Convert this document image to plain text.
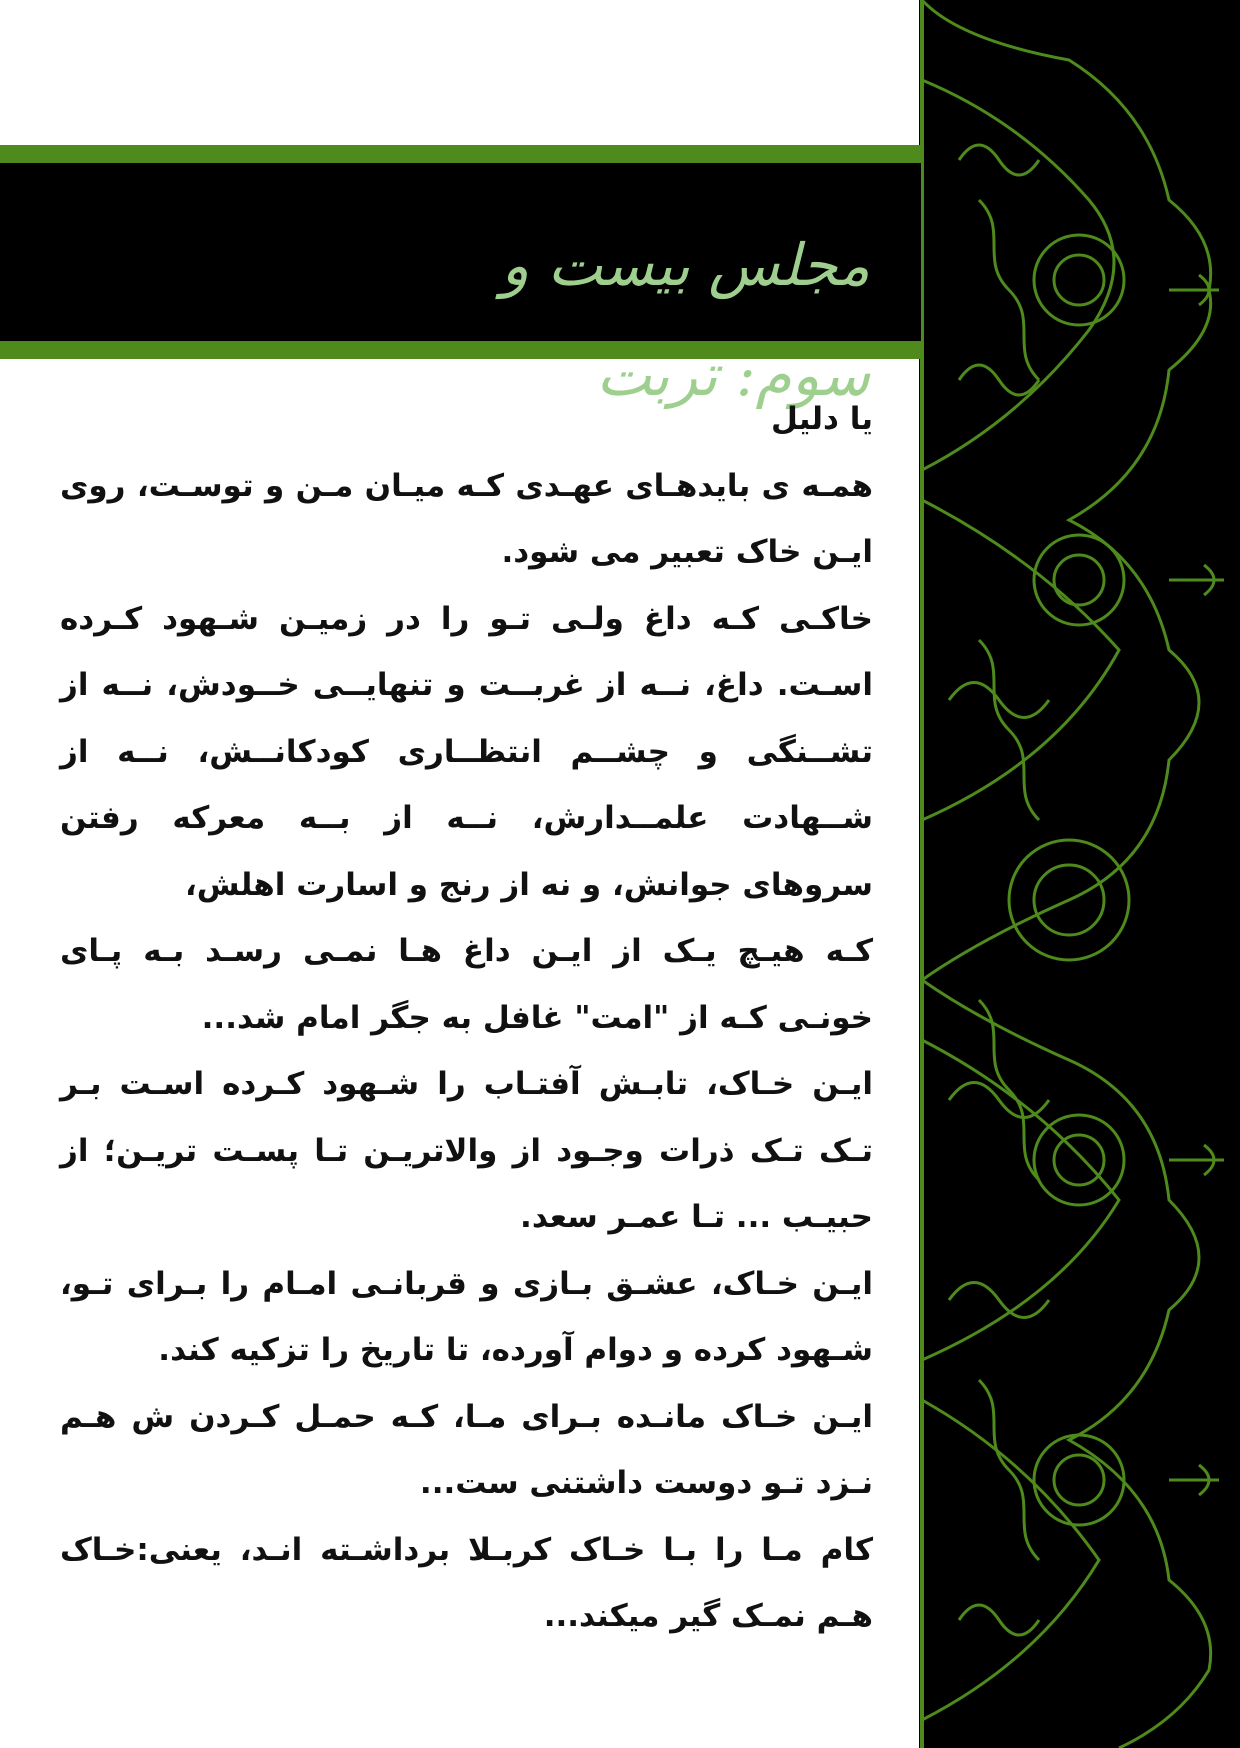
مجلس بیست و سوم: تربت

یا دلیل

همـه ی بایدهـای عهـدی کـه میـان مـن و توسـت، روی ایـن خاک تعبیر می شود.

خاکـی کـه داغ ولـی تـو را در زمیـن شـهود کـرده اسـت. داغ، نــه از غربــت و تنهایــی خــودش، نــه از تشــنگی و چشــم انتظــاری کودکانــش، نــه از شــهادت علمــدارش، نــه از بــه معرکه رفتن سروهای جوانش، و نه از رنج و اسارت اهلش،

کـه هیـچ یـک از ایـن داغ هـا نمـی رسـد بـه پـای خونـی کـه از "امت" غافل به جگر امام شد...

ایـن خـاک، تابـش آفتـاب را شـهود کـرده اسـت بـر تـک تـک ذرات وجـود از والاتریـن تـا پسـت تریـن؛ از حبیـب ... تـا عمـر سعد.

ایـن خـاک، عشـق بـازی و قربانـی امـام را بـرای تـو، شـهود کرده و دوام آورده، تا تاریخ را تزکیه کند.

ایـن خـاک مانـده بـرای مـا، کـه حمـل کـردن ش هـم نـزد تـو دوست داشتنی ست...

کام مـا را بـا خـاک کربـلا برداشـته انـد، یعنی:خـاک هـم نمـک گیر میکند...
